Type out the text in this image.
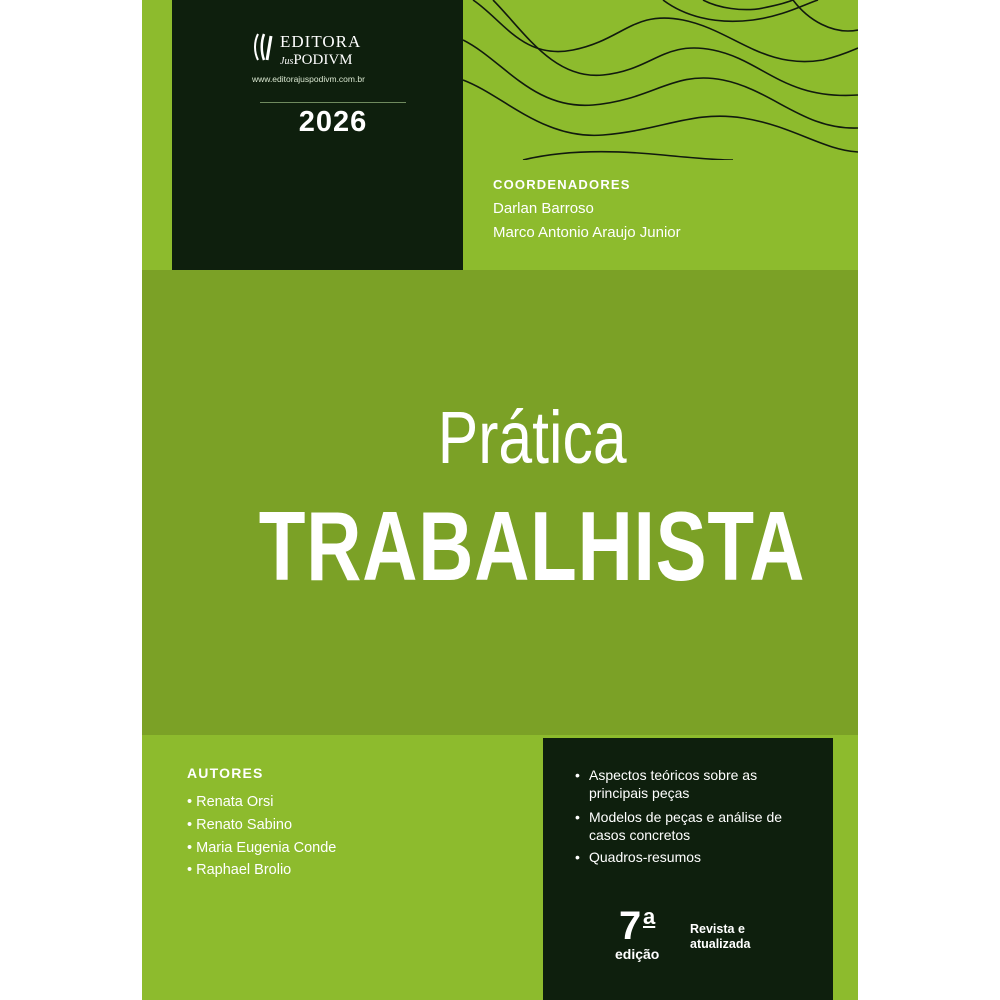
EDITORA
JusPODIVM
www.editorajuspodivm.com.br
2026
COORDENADORES
Darlan Barroso
Marco Antonio Araujo Junior
Prática
TRABALHISTA
AUTORES
• Renata Orsi
• Renato Sabino
• Maria Eugenia Conde
• Raphael Brolio
• Aspectos teóricos sobre as principais peças
• Modelos de peças e análise de casos concretos
• Quadros-resumos
7 a
edição
Revista e atualizada
